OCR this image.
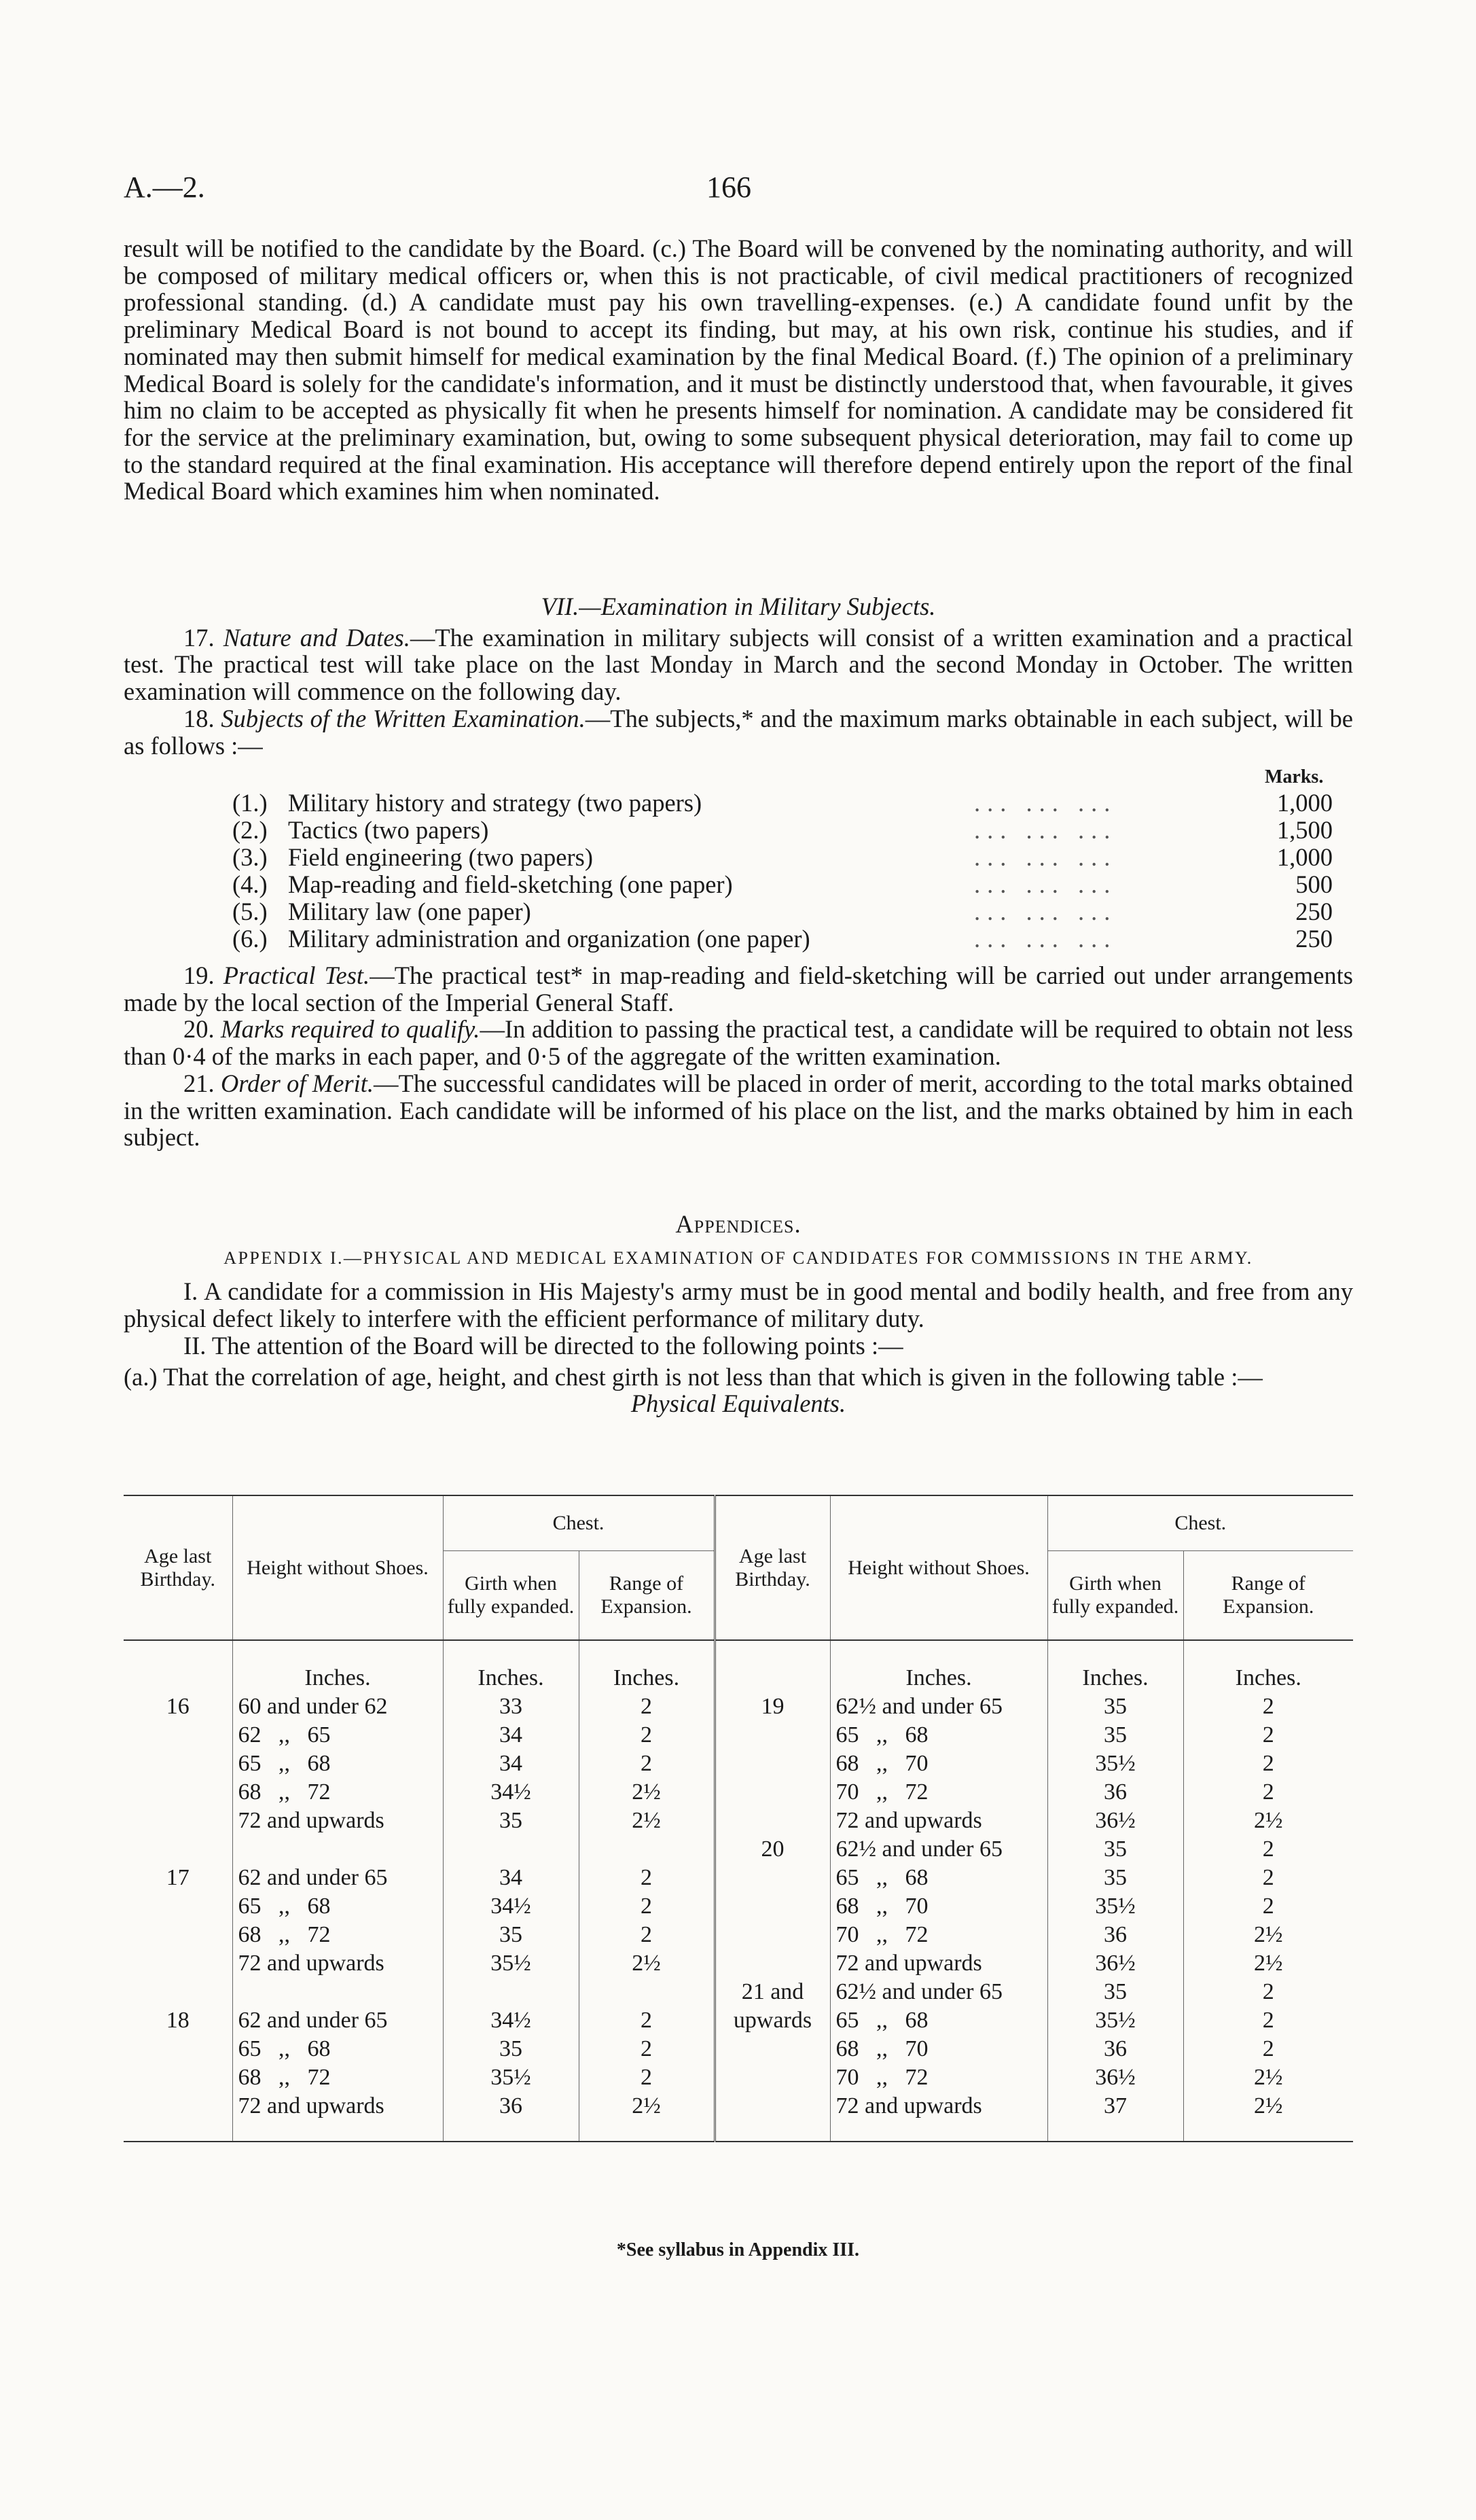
A.—2.	166

result will be notified to the candidate by the Board. (c.) The Board will be convened by the nominating authority, and will be composed of military medical officers or, when this is not practicable, of civil medical practitioners of recognized professional standing. (d.) A candidate must pay his own travelling-expenses. (e.) A candidate found unfit by the preliminary Medical Board is not bound to accept its finding, but may, at his own risk, continue his studies, and if nominated may then submit himself for medical examination by the final Medical Board. (f.) The opinion of a preliminary Medical Board is solely for the candidate's information, and it must be distinctly understood that, when favourable, it gives him no claim to be accepted as physically fit when he presents himself for nomination. A candidate may be considered fit for the service at the preliminary examination, but, owing to some subsequent physical deterioration, may fail to come up to the standard required at the final examination. His acceptance will therefore depend entirely upon the report of the final Medical Board which examines him when nominated.

VII.—Examination in Military Subjects.

17. Nature and Dates.—The examination in military subjects will consist of a written examination and a practical test. The practical test will take place on the last Monday in March and the second Monday in October. The written examination will commence on the following day.

18. Subjects of the Written Examination.—The subjects,* and the maximum marks obtainable in each subject, will be as follows :—

Marks.
(1.) Military history and strategy (two papers)	... ... ...	1,000
(2.) Tactics (two papers)	... ... ...	1,500
(3.) Field engineering (two papers)	... ... ...	1,000
(4.) Map-reading and field-sketching (one paper)	... ... ...	500
(5.) Military law (one paper)	... ... ...	250
(6.) Military administration and organization (one paper)	... ... ...	250

19. Practical Test.—The practical test* in map-reading and field-sketching will be carried out under arrangements made by the local section of the Imperial General Staff.

20. Marks required to qualify.—In addition to passing the practical test, a candidate will be required to obtain not less than 0·4 of the marks in each paper, and 0·5 of the aggregate of the written examination.

21. Order of Merit.—The successful candidates will be placed in order of merit, according to the total marks obtained in the written examination. Each candidate will be informed of his place on the list, and the marks obtained by him in each subject.

Appendices.

APPENDIX I.—PHYSICAL AND MEDICAL EXAMINATION OF CANDIDATES FOR COMMISSIONS IN THE ARMY.

I. A candidate for a commission in His Majesty's army must be in good mental and bodily health, and free from any physical defect likely to interfere with the efficient performance of military duty.

II. The attention of the Board will be directed to the following points :—

(a.) That the correlation of age, height, and chest girth is not less than that which is given in the following table :—

Physical Equivalents.

Age last Birthday.	Height without Shoes.	Chest.		Age last Birthday.	Height without Shoes.	Chest.	
		Girth when fully expanded.	Range of Expansion.			Girth when fully expanded.	Range of Expansion.
	Inches.	Inches.	Inches.		Inches.	Inches.	Inches.
16	60 and under 62	33	2	19	62½ and under 65	35	2
	62   ,,   65	34	2		65   ,,   68	35	2
	65   ,,   68	34	2		68   ,,   70	35½	2
	68   ,,   72	34½	2½		70   ,,   72	36	2
	72 and upwards	35	2½		72 and upwards	36½	2½
				20	62½ and under 65	35	2
17	62 and under 65	34	2		65   ,,   68	35	2
	65   ,,   68	34½	2		68   ,,   70	35½	2
	68   ,,   72	35	2		70   ,,   72	36	2½
	72 and upwards	35½	2½		72 and upwards	36½	2½
				21 and	62½ and under 65	35	2
18	62 and under 65	34½	2	upwards	65   ,,   68	35½	2
	65   ,,   68	35	2		68   ,,   70	36	2
	68   ,,   72	35½	2		70   ,,   72	36½	2½
	72 and upwards	36	2½		72 and upwards	37	2½
*See syllabus in Appendix III.
